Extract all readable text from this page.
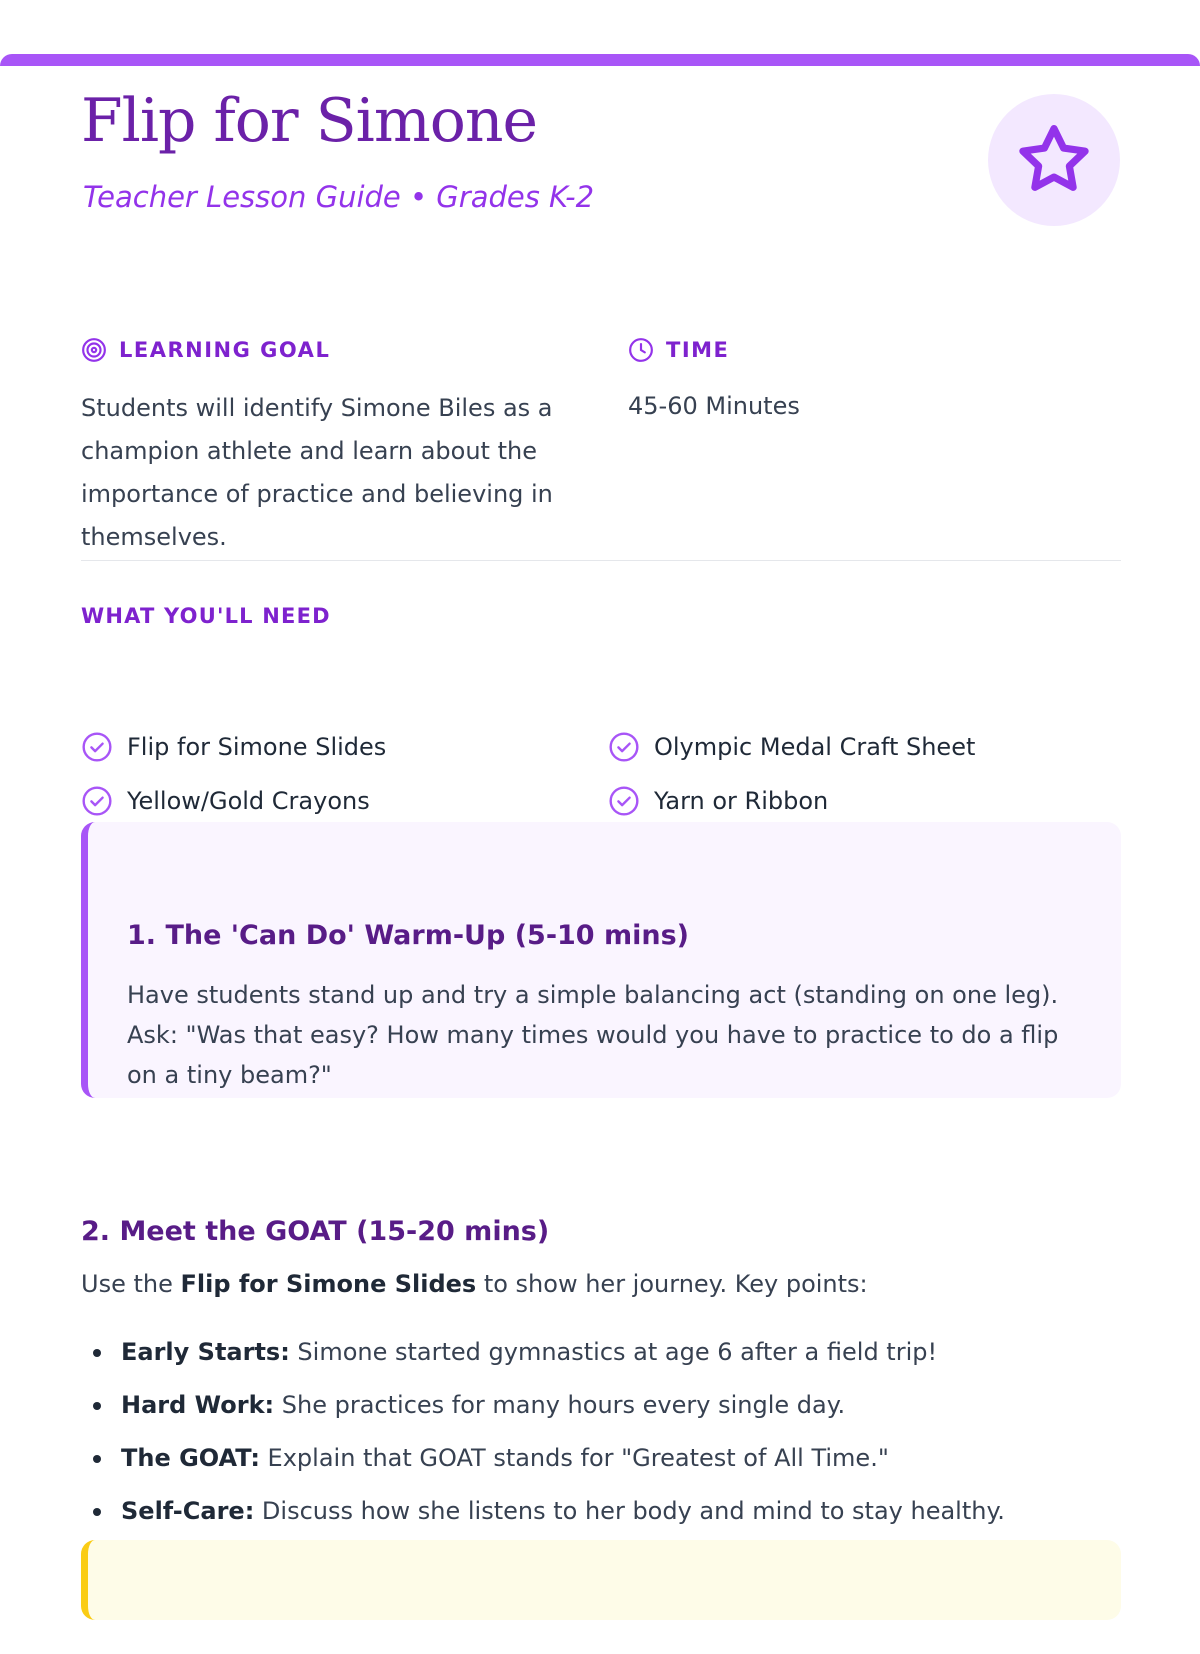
Flip for Simone

Teacher Lesson Guide • Grades K-2

LEARNING GOAL

Students will identify Simone Biles as a champion athlete and learn about the importance of practice and believing in themselves.

TIME

45-60 Minutes

WHAT YOU'LL NEED
Flip for Simone Slides	Olympic Medal Craft Sheet
Yellow/Gold Crayons	Yarn or Ribbon
1. The 'Can Do' Warm-Up (5-10 mins)

Have students stand up and try a simple balancing act (standing on one leg). Ask: "Was that easy? How many times would you have to practice to do a flip on a tiny beam?"

2. Meet the GOAT (15-20 mins)

Use the Flip for Simone Slides to show her journey. Key points:

Early Starts: Simone started gymnastics at age 6 after a field trip!
Hard Work: She practices for many hours every single day.
The GOAT: Explain that GOAT stands for "Greatest of All Time."
Self-Care: Discuss how she listens to her body and mind to stay healthy.
